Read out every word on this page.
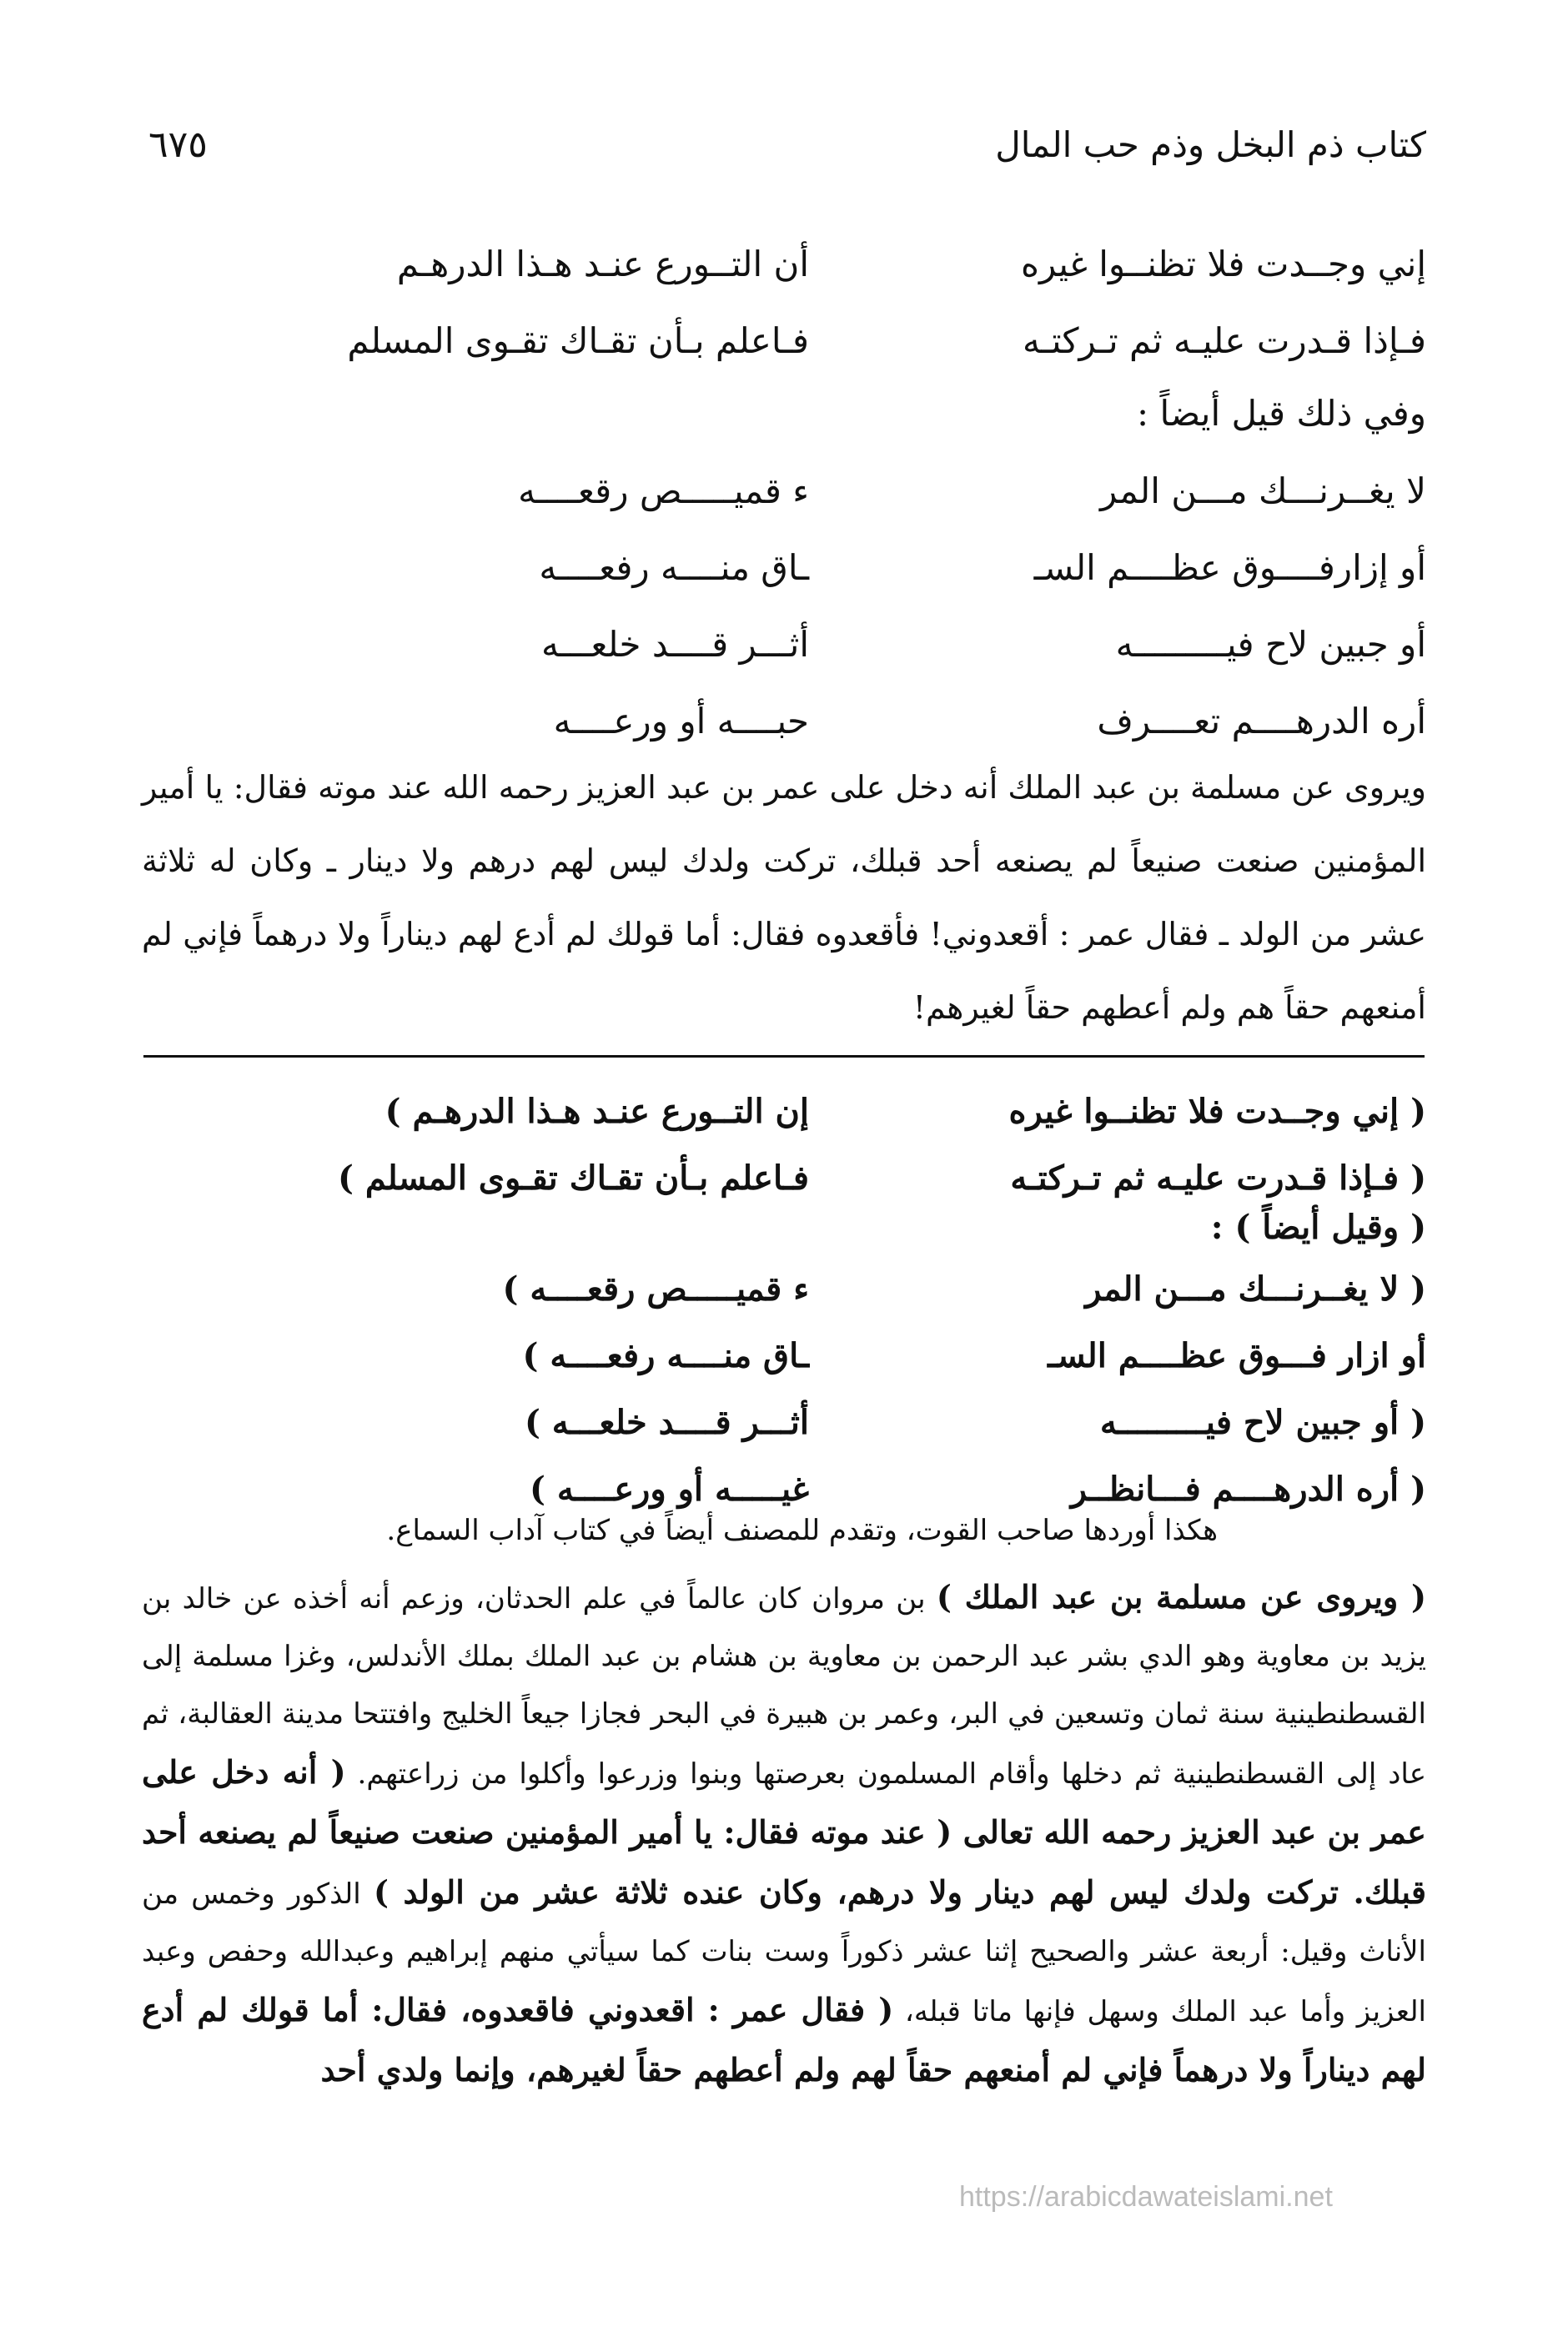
كتاب ذم البخل وذم حب المال
٦٧٥
إني وجــدت فلا تظنــوا غيره
أن التــورع عنـد هـذا الدرهـم
فـإذا قـدرت عليـه ثم تـركتـه
فـاعلم بـأن تقـاك تقـوى المسلم
وفي ذلك قيل أيضاً :
لا يغــرنـــك مـــن المر
ء قميـــــص رقعــــه
أو إزارفــــوق عظــــم السـ
ـاق منــــه رفعــــه
أو جبين لاح فيـــــــــه
أثـــر قــــد خلعـــه
أره الدرهــــم تعــــرف
حبــــه أو ورعــــه

ويروى عن مسلمة بن عبد الملك أنه دخل على عمر بن عبد العزيز رحمه الله عند موته فقال: يا أمير المؤمنين صنعت صنيعاً لم يصنعه أحد قبلك، تركت ولدك ليس لهم درهم ولا دينار ـ وكان له ثلاثة عشر من الولد ـ فقال عمر : أقعدوني! فأقعدوه فقال: أما قولك لم أدع لهم ديناراً ولا درهماً فإني لم أمنعهم حقاً هم ولم أعطهم حقاً لغيرهم!

( إني وجــدت فلا تظنــوا غيره
إن التــورع عنـد هـذا الدرهـم )
( فـإذا قـدرت عليـه ثم تـركتـه
فـاعلم بـأن تقـاك تقـوى المسلم )
( وقيل أيضاً ) :
( لا يغــرنـــك مـــن المر
ء قميـــــص رقعــــه )
أو ازار فـــوق عظــــم السـ
ـاق منــــه رفعــــه )
( أو جبين لاح فيـــــــــه
أثـــر قــــد خلعـــه )
( أره الدرهــــم فـــانظــر
غيـــــه أو ورعــــه )
هكذا أوردها صاحب القوت، وتقدم للمصنف أيضاً في كتاب آداب السماع.

( ويروى عن مسلمة بن عبد الملك ) بن مروان كان عالماً في علم الحدثان، وزعم أنه أخذه عن خالد بن يزيد بن معاوية وهو الدي بشر عبد الرحمن بن معاوية بن هشام بن عبد الملك بملك الأندلس، وغزا مسلمة إلى القسطنطينية سنة ثمان وتسعين في البر، وعمر بن هبيرة في البحر فجازا جيعاً الخليج وافتتحا مدينة العقالبة، ثم عاد إلى القسطنطينية ثم دخلها وأقام المسلمون بعرصتها وبنوا وزرعوا وأكلوا من زراعتهم. ( أنه دخل على عمر بن عبد العزيز رحمه الله تعالى ( عند موته فقال: يا أمير المؤمنين صنعت صنيعاً لم يصنعه أحد قبلك. تركت ولدك ليس لهم دينار ولا درهم، وكان عنده ثلاثة عشر من الولد ) الذكور وخمس من الأناث وقيل: أربعة عشر والصحيح إثنا عشر ذكوراً وست بنات كما سيأتي منهم إبراهيم وعبدالله وحفص وعبد العزيز وأما عبد الملك وسهل فإنها ماتا قبله، ( فقال عمر : اقعدوني فاقعدوه، فقال: أما قولك لم أدع لهم ديناراً ولا درهماً فإني لم أمنعهم حقاً لهم ولم أعطهم حقاً لغيرهم، وإنما ولدي أحد

https://arabicdawateislami.net
